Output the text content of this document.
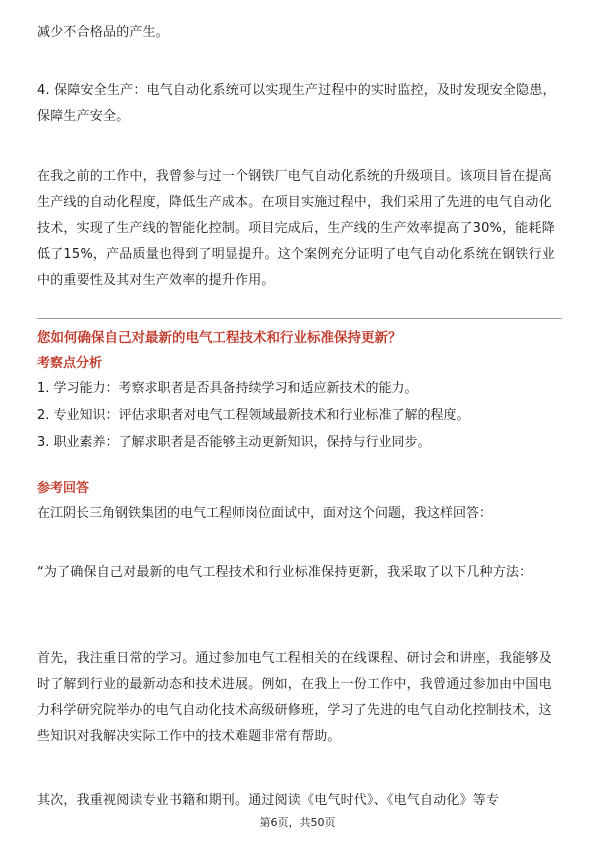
减少不合格品的产生。

4. 保障安全生产：电气自动化系统可以实现生产过程中的实时监控，及时发现安全隐患，保障生产安全。

在我之前的工作中，我曾参与过一个钢铁厂电气自动化系统的升级项目。该项目旨在提高生产线的自动化程度，降低生产成本。在项目实施过程中，我们采用了先进的电气自动化技术，实现了生产线的智能化控制。项目完成后，生产线的生产效率提高了30%，能耗降低了15%，产品质量也得到了明显提升。这个案例充分证明了电气自动化系统在钢铁行业中的重要性及其对生产效率的提升作用。

您如何确保自己对最新的电气工程技术和行业标准保持更新？
考察点分析

1. 学习能力：考察求职者是否具备持续学习和适应新技术的能力。

2. 专业知识：评估求职者对电气工程领域最新技术和行业标准了解的程度。

3. 职业素养：了解求职者是否能够主动更新知识，保持与行业同步。

参考回答

在江阴长三角钢铁集团的电气工程师岗位面试中，面对这个问题，我这样回答：

“为了确保自己对最新的电气工程技术和行业标准保持更新，我采取了以下几种方法：

首先，我注重日常的学习。通过参加电气工程相关的在线课程、研讨会和讲座，我能够及时了解到行业的最新动态和技术进展。例如，在我上一份工作中，我曾通过参加由中国电力科学研究院举办的电气自动化技术高级研修班，学习了先进的电气自动化控制技术，这些知识对我解决实际工作中的技术难题非常有帮助。

其次，我重视阅读专业书籍和期刊。通过阅读《电气时代》、《电气自动化》等专

第6页，共50页
